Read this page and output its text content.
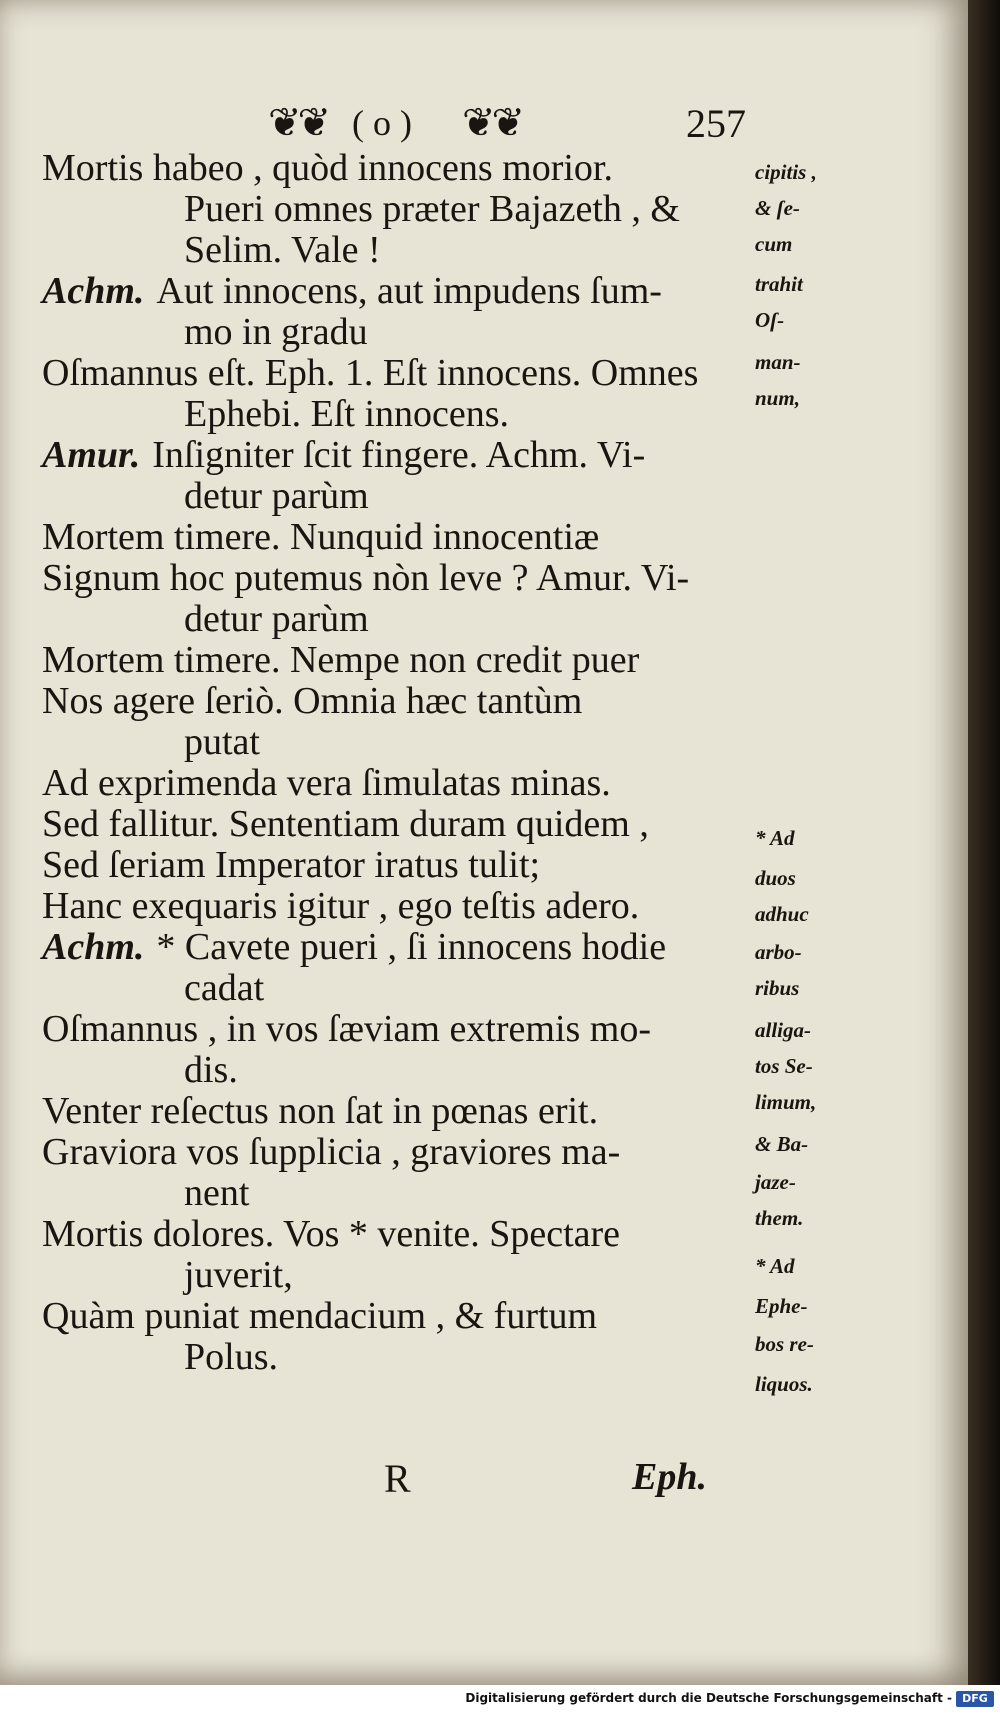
❦❦ ( o ) ❦❦	257
Mortis habeo , quòd innocens morior.
Pueri omnes præter Bajazeth , &
Selim. Vale !
Achm. Aut innocens, aut impudens ſum-
mo in gradu
Oſmannus eſt. Eph. 1. Eſt innocens. Omnes
Ephebi. Eſt innocens.
Amur. Inſigniter ſcit fingere. Achm. Vi-
detur parùm
Mortem timere. Nunquid innocentiæ
Signum hoc putemus nòn leve ? Amur. Vi-
detur parùm
Mortem timere. Nempe non credit puer
Nos agere ſeriò. Omnia hæc tantùm
putat
Ad exprimenda vera ſimulatas minas.
Sed fallitur. Sententiam duram quidem ,
Sed ſeriam Imperator iratus tulit;
Hanc exequaris igitur , ego teſtis adero.
Achm. * Cavete pueri , ſi innocens hodie
cadat
Oſmannus , in vos ſæviam extremis mo-
dis.
Venter reſectus non ſat in pœnas erit.
Graviora vos ſupplicia , graviores ma-
nent
Mortis dolores. Vos * venite. Spectare
juverit,
Quàm puniat mendacium , & furtum
Polus.
cipitis ,
& ſe-
cum
trahit
Oſ-
man-
num,
* Ad
duos
adhuc
arbo-
ribus
alliga-
tos Se-
limum,
& Ba-
jaze-
them.
* Ad
Ephe-
bos re-
liquos.
R	Eph.
Digitalisierung gefördert durch die Deutsche Forschungsgemeinschaft - DFG
